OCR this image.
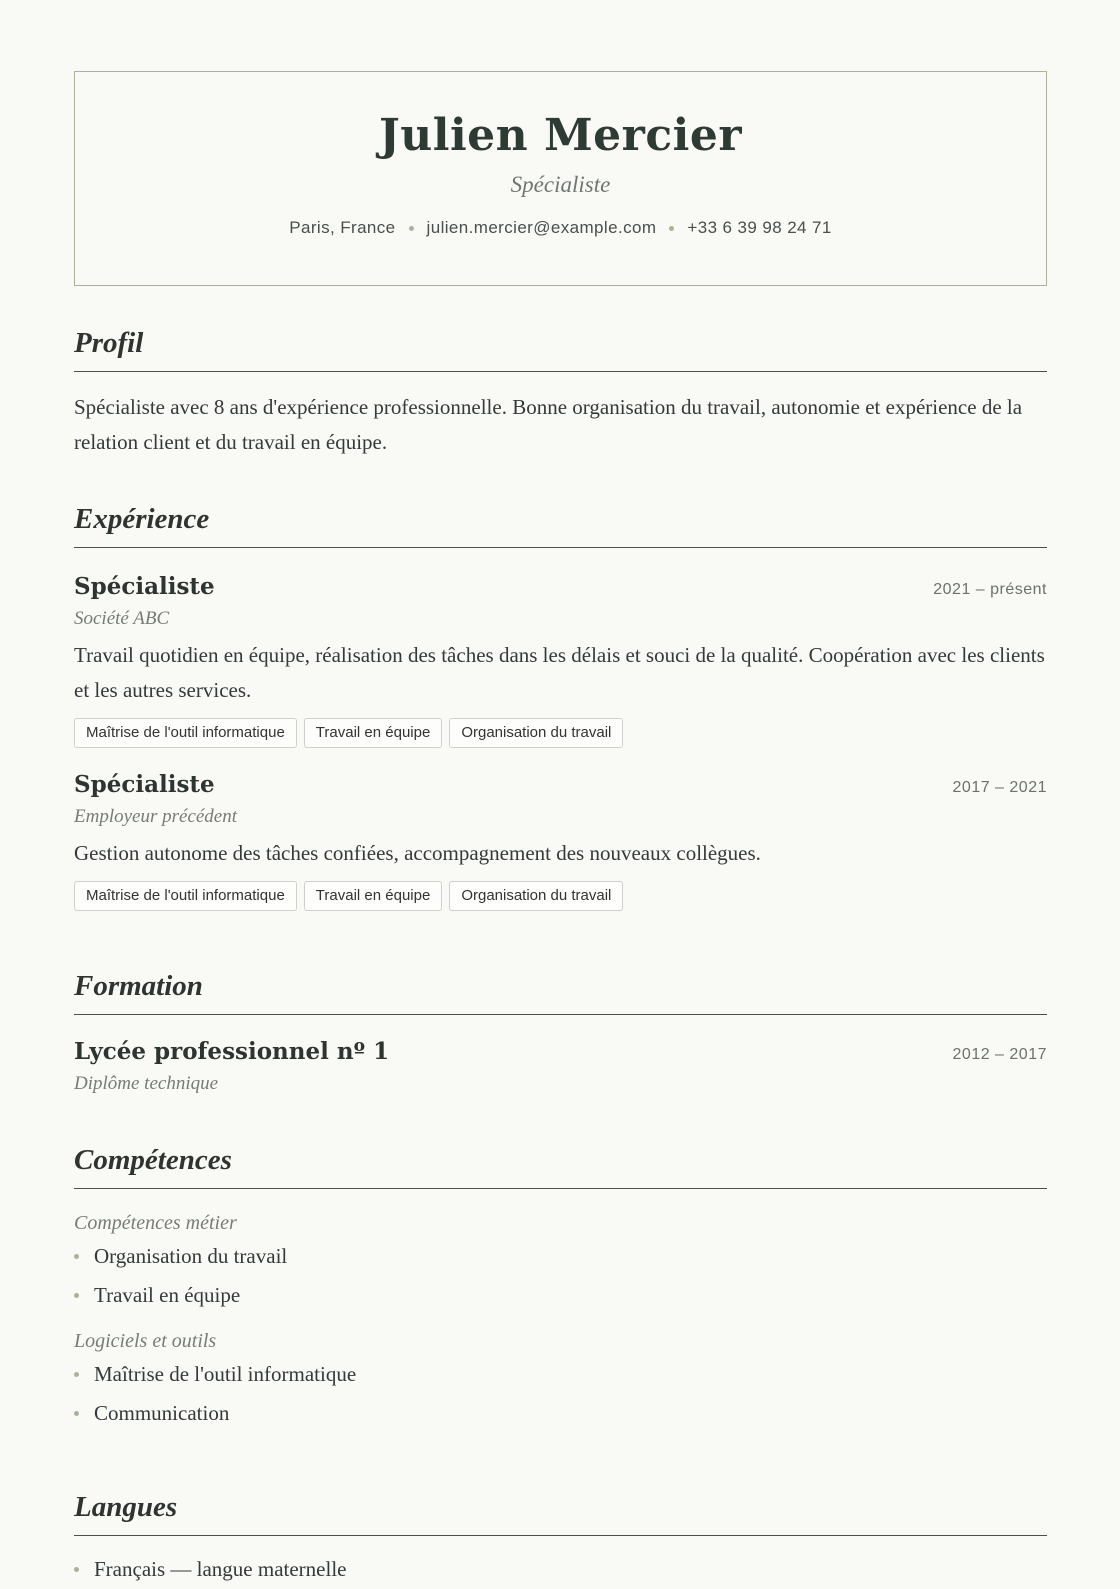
Julien Mercier
Spécialiste
Paris, France julien.mercier@example.com +33 6 39 98 24 71
Profil

Spécialiste avec 8 ans d'expérience professionnelle. Bonne organisation du travail, autonomie et expérience de la relation client et du travail en équipe.

Expérience
Spécialiste	2021 – présent
Société ABC

Travail quotidien en équipe, réalisation des tâches dans les délais et souci de la qualité. Coopération avec les clients et les autres services.

Maîtrise de l'outil informatique	Travail en équipe	Organisation du travail
Spécialiste	2017 – 2021
Employeur précédent

Gestion autonome des tâches confiées, accompagnement des nouveaux collègues.

Maîtrise de l'outil informatique	Travail en équipe	Organisation du travail
Formation
Lycée professionnel nº 1	2012 – 2017
Diplôme technique
Compétences
Compétences métier
Organisation du travail
Travail en équipe
Logiciels et outils
Maîtrise de l'outil informatique
Communication
Langues
Français — langue maternelle
